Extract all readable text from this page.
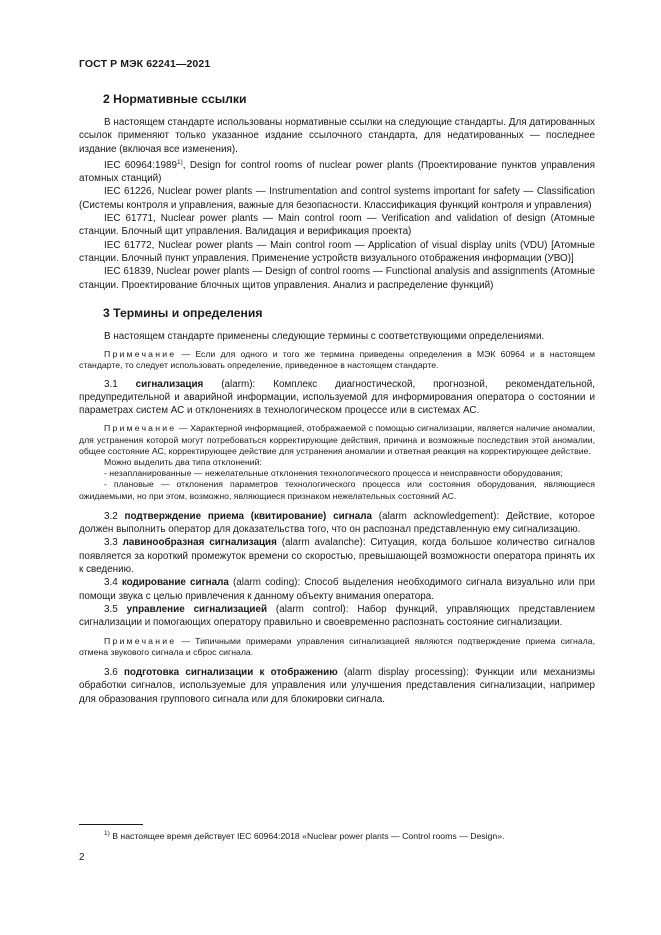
ГОСТ Р МЭК 62241—2021
2 Нормативные ссылки

В настоящем стандарте использованы нормативные ссылки на следующие стандарты. Для датированных ссылок применяют только указанное издание ссылочного стандарта, для недатированных — последнее издание (включая все изменения).

IEC 60964:1989$^{1)}$, Design for control rooms of nuclear power plants (Проектирование пунктов управления атомных станций)

IEC 61226, Nuclear power plants — Instrumentation and control systems important for safety — Classification (Системы контроля и управления, важные для безопасности. Классификация функций контроля и управления)

IEC 61771, Nuclear power plants — Main control room — Verification and validation of design (Атомные станции. Блочный щит управления. Валидация и верификация проекта)

IEC 61772, Nuclear power plants — Main control room — Application of visual display units (VDU) [Атомные станции. Блочный пункт управления. Применение устройств визуального отображения информации (УВО)]

IEC 61839, Nuclear power plants — Design of control rooms — Functional analysis and assignments (Атомные станции. Проектирование блочных щитов управления. Анализ и распределение функций)

3 Термины и определения

В настоящем стандарте применены следующие термины с соответствующими определениями.

Примечание — Если для одного и того же термина приведены определения в МЭК 60964 и в настоящем стандарте, то следует использовать определение, приведенное в настоящем стандарте.

3.1 сигнализация (alarm): Комплекс диагностической, прогнозной, рекомендательной, предупредительной и аварийной информации, используемой для информирования оператора о состоянии и параметрах систем АС и отклонениях в технологическом процессе или в системах АС.

Примечание — Характерной информацией, отображаемой с помощью сигнализации, является наличие аномалии, для устранения которой могут потребоваться корректирующие действия, причина и возможные последствия этой аномалии, общее состояние АС, корректирующее действие для устранения аномалии и ответная реакция на корректирующее действие.

Можно выделить два типа отклонений:

- незапланированные — нежелательные отклонения технологического процесса и неисправности оборудования;

- плановые — отклонения параметров технологического процесса или состояния оборудования, являющиеся ожидаемыми, но при этом, возможно, являющиеся признаком нежелательных состояний АС.

3.2 подтверждение приема (квитирование) сигнала (alarm acknowledgement): Действие, которое должен выполнить оператор для доказательства того, что он распознал представленную ему сигнализацию.

3.3 лавинообразная сигнализация (alarm avalanche): Ситуация, когда большое количество сигналов появляется за короткий промежуток времени со скоростью, превышающей возможности оператора принять их к сведению.

3.4 кодирование сигнала (alarm coding): Способ выделения необходимого сигнала визуально или при помощи звука с целью привлечения к данному объекту внимания оператора.

3.5 управление сигнализацией (alarm control): Набор функций, управляющих представлением сигнализации и помогающих оператору правильно и своевременно распознать состояние сигнализации.

Примечание — Типичными примерами управления сигнализацией являются подтверждение приема сигнала, отмена звукового сигнала и сброс сигнала.

3.6 подготовка сигнализации к отображению (alarm display processing): Функции или механизмы обработки сигналов, используемые для управления или улучшения представления сигнализации, например для образования группового сигнала или для блокировки сигнала.

$^{1)}$ В настоящее время действует IEC 60964:2018 «Nuclear power plants — Control rooms — Design».
2
